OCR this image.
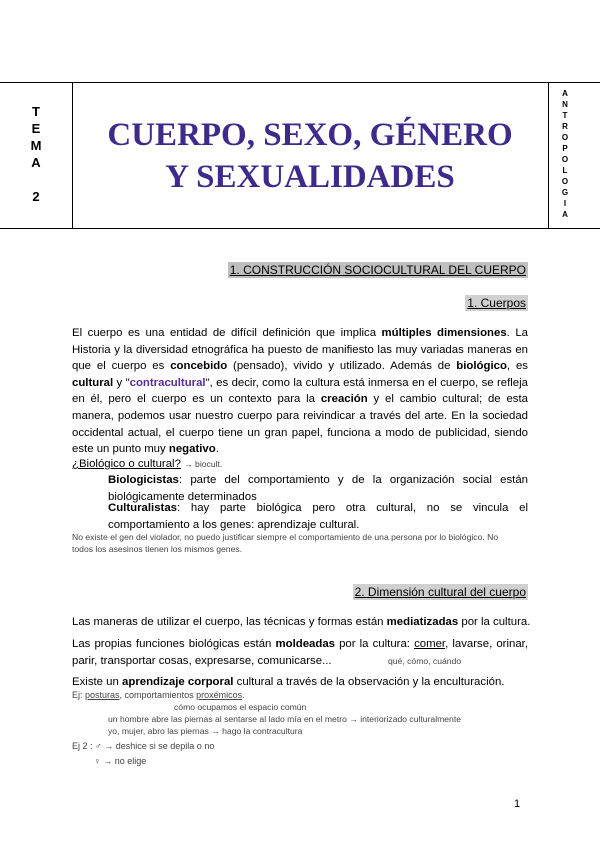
T
E
M
A
2
CUERPO, SEXO, GÉNERO
Y SEXUALIDADES
A
N
T
R
O
P
O
L
O
G
I
A
1. CONSTRUCCIÓN SOCIOCULTURAL DEL CUERPO
1. Cuerpos
El cuerpo es una entidad de difícil definición que implica múltiples dimensiones. La Historia y la diversidad etnográfica ha puesto de manifiesto las muy variadas maneras en que el cuerpo es concebido (pensado), vivido y utilizado. Además de biológico, es cultural y "contracultural", es decir, como la cultura está inmersa en el cuerpo, se refleja en él, pero el cuerpo es un contexto para la creación y el cambio cultural; de esta manera, podemos usar nuestro cuerpo para reivindicar a través del arte. En la sociedad occidental actual, el cuerpo tiene un gran papel, funciona a modo de publicidad, siendo este un punto muy negativo.
¿Biológico o cultural? → biocult.
Biologicistas: parte del comportamiento y de la organización social están biológicamente determinados
Culturalistas: hay parte biológica pero otra cultural, no se vincula el comportamiento a los genes: aprendizaje cultural.
No existe el gen del violador, no puedo justificar siempre el comportamiento de una persona por lo biológico. No
todos los asesinos tienen los mismos genes.
2. Dimensión cultural del cuerpo
Las maneras de utilizar el cuerpo, las técnicas y formas están mediatizadas por la cultura.
Las propias funciones biológicas están moldeadas por la cultura: comer, lavarse, orinar, parir, transportar cosas, expresarse, comunicarse...	qué, cómo, cuándo
Existe un aprendizaje corporal cultural a través de la observación y la enculturación.
Ej: posturas, comportamientos proxémicos.
cómo ocupamos el espacio común
un hombre abre las piernas al sentarse al lado mía en el metro → interiorizado culturalmente
yo, mujer, abro las piernas → hago la contracultura
Ej 2 : ♂ → deshice si se depila o no
♀ → no elige
1
